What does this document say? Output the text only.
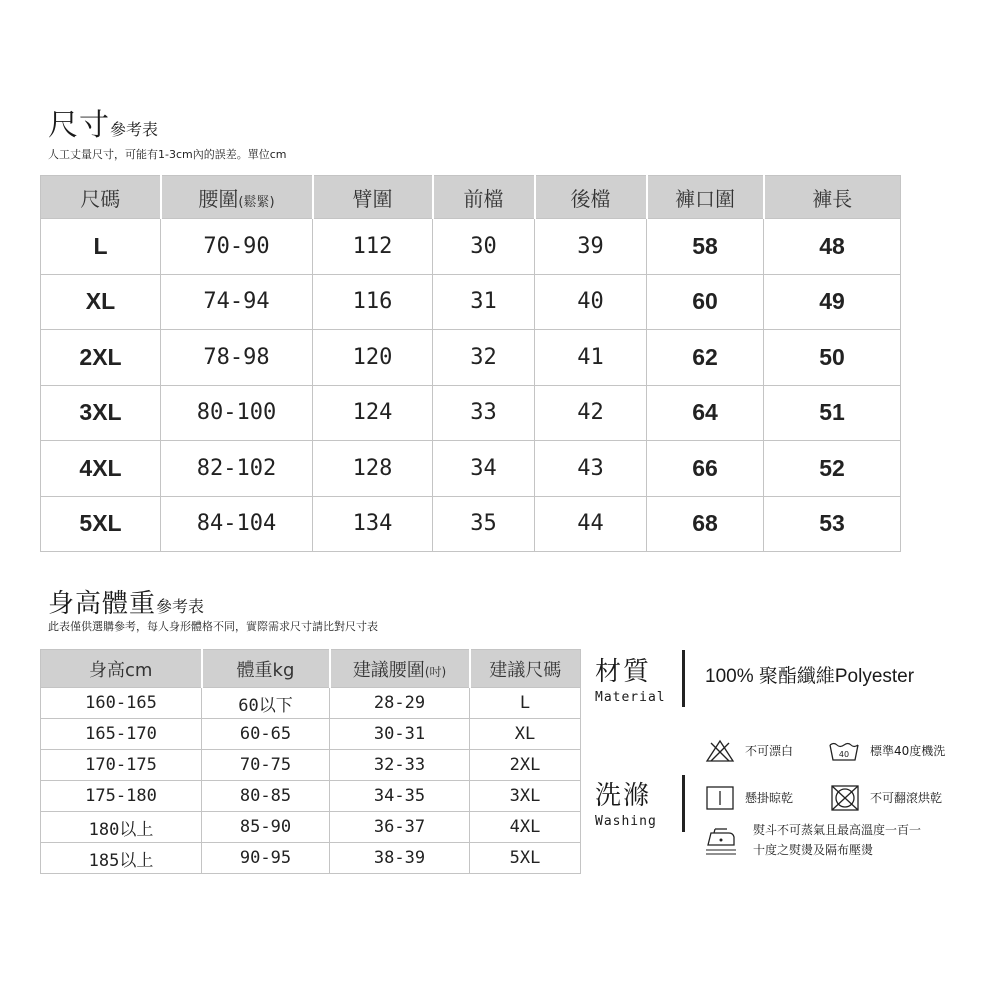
尺寸參考表
人工丈量尺寸，可能有1-3cm內的誤差。單位cm
尺碼	腰圍(鬆緊)	臂圍	前檔	後檔	褲口圍	褲長
L	70-90	112	30	39	58	48
XL	74-94	116	31	40	60	49
2XL	78-98	120	32	41	62	50
3XL	80-100	124	33	42	64	51
4XL	82-102	128	34	43	66	52
5XL	84-104	134	35	44	68	53
身高體重參考表
此表僅供選購參考，每人身形體格不同，實際需求尺寸請比對尺寸表
身高cm	體重kg	建議腰圍(吋)	建議尺碼
160-165	60以下	28-29	L
165-170	60-65	30-31	XL
170-175	70-75	32-33	2XL
175-180	80-85	34-35	3XL
180以上	85-90	36-37	4XL
185以上	90-95	38-39	5XL
材質
Material
100% 聚酯纖維Polyester
洗滌
Washing
不可漂白	40 標準40度機洗
懸掛晾乾	不可翻滾烘乾
熨斗不可蒸氣且最高溫度一百一
十度之熨燙及隔布壓燙
